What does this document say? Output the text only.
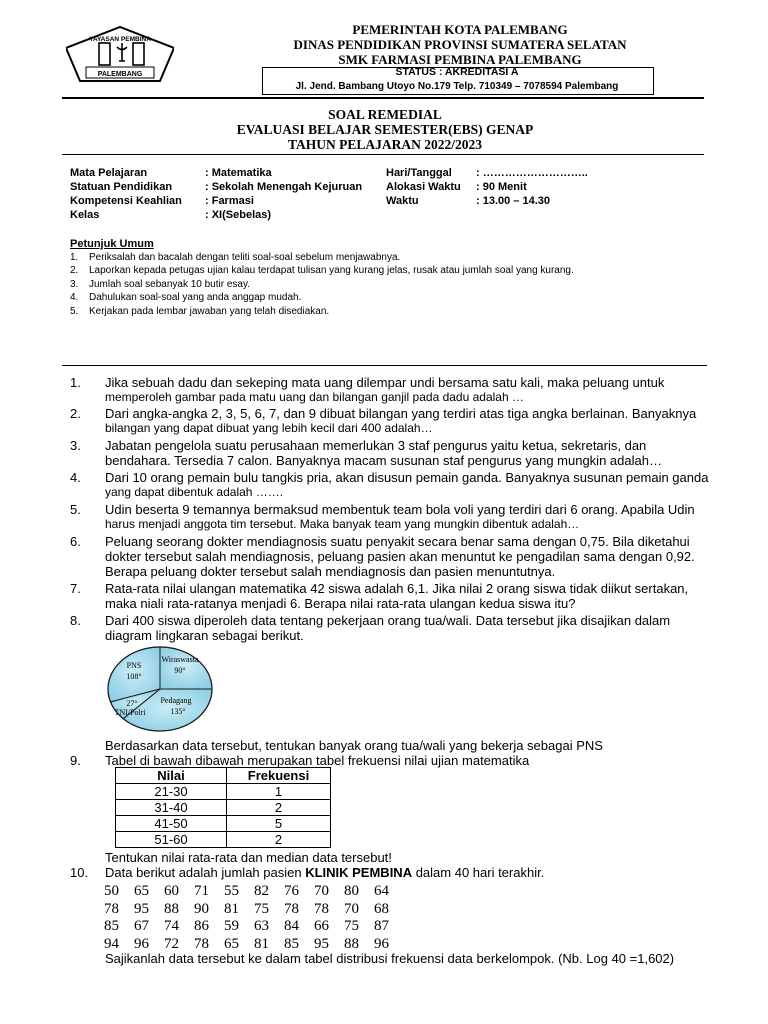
YAYASAN PEMBINA
PALEMBANG
PEMERINTAH KOTA PALEMBANG
DINAS PENDIDIKAN PROVINSI SUMATERA SELATAN
SMK FARMASI PEMBINA PALEMBANG
STATUS : AKREDITASI A
Jl. Jend. Bambang Utoyo No.179 Telp. 710349 – 7078594 Palembang
SOAL REMEDIAL
EVALUASI BELAJAR SEMESTER(EBS) GENAP
TAHUN PELAJARAN 2022/2023
Mata Pelajaran	: Matematika
Statuan Pendidikan	: Sekolah Menengah Kejuruan
Kompetensi Keahlian : Farmasi
Kelas	: XI(Sebelas)
Hari/Tanggal : ………………………..
Alokasi Waktu : 90 Menit
Waktu	: 13.00 – 14.30
Petunjuk Umum
1. Periksalah dan bacalah dengan teliti soal-soal sebelum menjawabnya.
2. Laporkan kepada petugas ujian kalau terdapat tulisan yang kurang jelas, rusak atau jumlah soal yang kurang.
3. Jumlah soal sebanyak 10 butir esay.
4. Dahulukan soal-soal yang anda anggap mudah.
5. Kerjakan pada lembar jawaban yang telah disediakan.
1. Jika sebuah dadu dan sekeping mata uang dilempar undi bersama satu kali, maka peluang untuk
memperoleh gambar pada matu uang dan bilangan ganjil pada dadu adalah …
2. Dari angka-angka 2, 3, 5, 6, 7, dan 9 dibuat bilangan yang terdiri atas tiga angka berlainan. Banyaknya
bilangan yang dapat dibuat yang lebih kecil dari 400 adalah…
3. Jabatan pengelola suatu perusahaan memerlukan 3 staf pengurus yaitu ketua, sekretaris, dan
bendahara. Tersedia 7 calon. Banyaknya macam susunan staf pengurus yang mungkin adalah…
4. Dari 10 orang pemain bulu tangkis pria, akan disusun pemain ganda. Banyaknya susunan pemain ganda
yang dapat dibentuk adalah …….
5. Udin beserta 9 temannya bermaksud membentuk team bola voli yang terdiri dari 6 orang. Apabila Udin
harus menjadi anggota tim tersebut. Maka banyak team yang mungkin dibentuk adalah…
6. Peluang seorang dokter mendiagnosis suatu penyakit secara benar sama dengan 0,75. Bila diketahui
dokter tersebut salah mendiagnosis, peluang pasien akan menuntut ke pengadilan sama dengan 0,92.
Berapa peluang dokter tersebut salah mendiagnosis dan pasien menuntutnya.
7. Rata-rata nilai ulangan matematika 42 siswa adalah 6,1. Jika nilai 2 orang siswa tidak diikut sertakan,
maka niali rata-ratanya menjadi 6. Berapa nilai rata-rata ulangan kedua siswa itu?
8. Dari 400 siswa diperoleh data tentang pekerjaan orang tua/wali. Data tersebut jika disajikan dalam
diagram lingkaran sebagai berikut.
PNS
108°
Wiraswasta
90°
Pedagang
135°
27°
TNI/Polri
Berdasarkan data tersebut, tentukan banyak orang tua/wali yang bekerja sebagai PNS
9. Tabel di bawah dibawah merupakan tabel frekuensi nilai ujian matematika
Nilai	Frekuensi
21-30	1
31-40	2
41-50	5
51-60	2
Tentukan nilai rata-rata dan median data tersebut!
10. Data berikut adalah jumlah pasien KLINIK PEMBINA dalam 40 hari terakhir.
50 65 60 71 55 82 76 70 80 64
78 95 88 90 81 75 78 78 70 68
85 67 74 86 59 63 84 66 75 87
94 96 72 78 65 81 85 95 88 96
Sajikanlah data tersebut ke dalam tabel distribusi frekuensi data berkelompok. (Nb. Log 40 =1,602)
